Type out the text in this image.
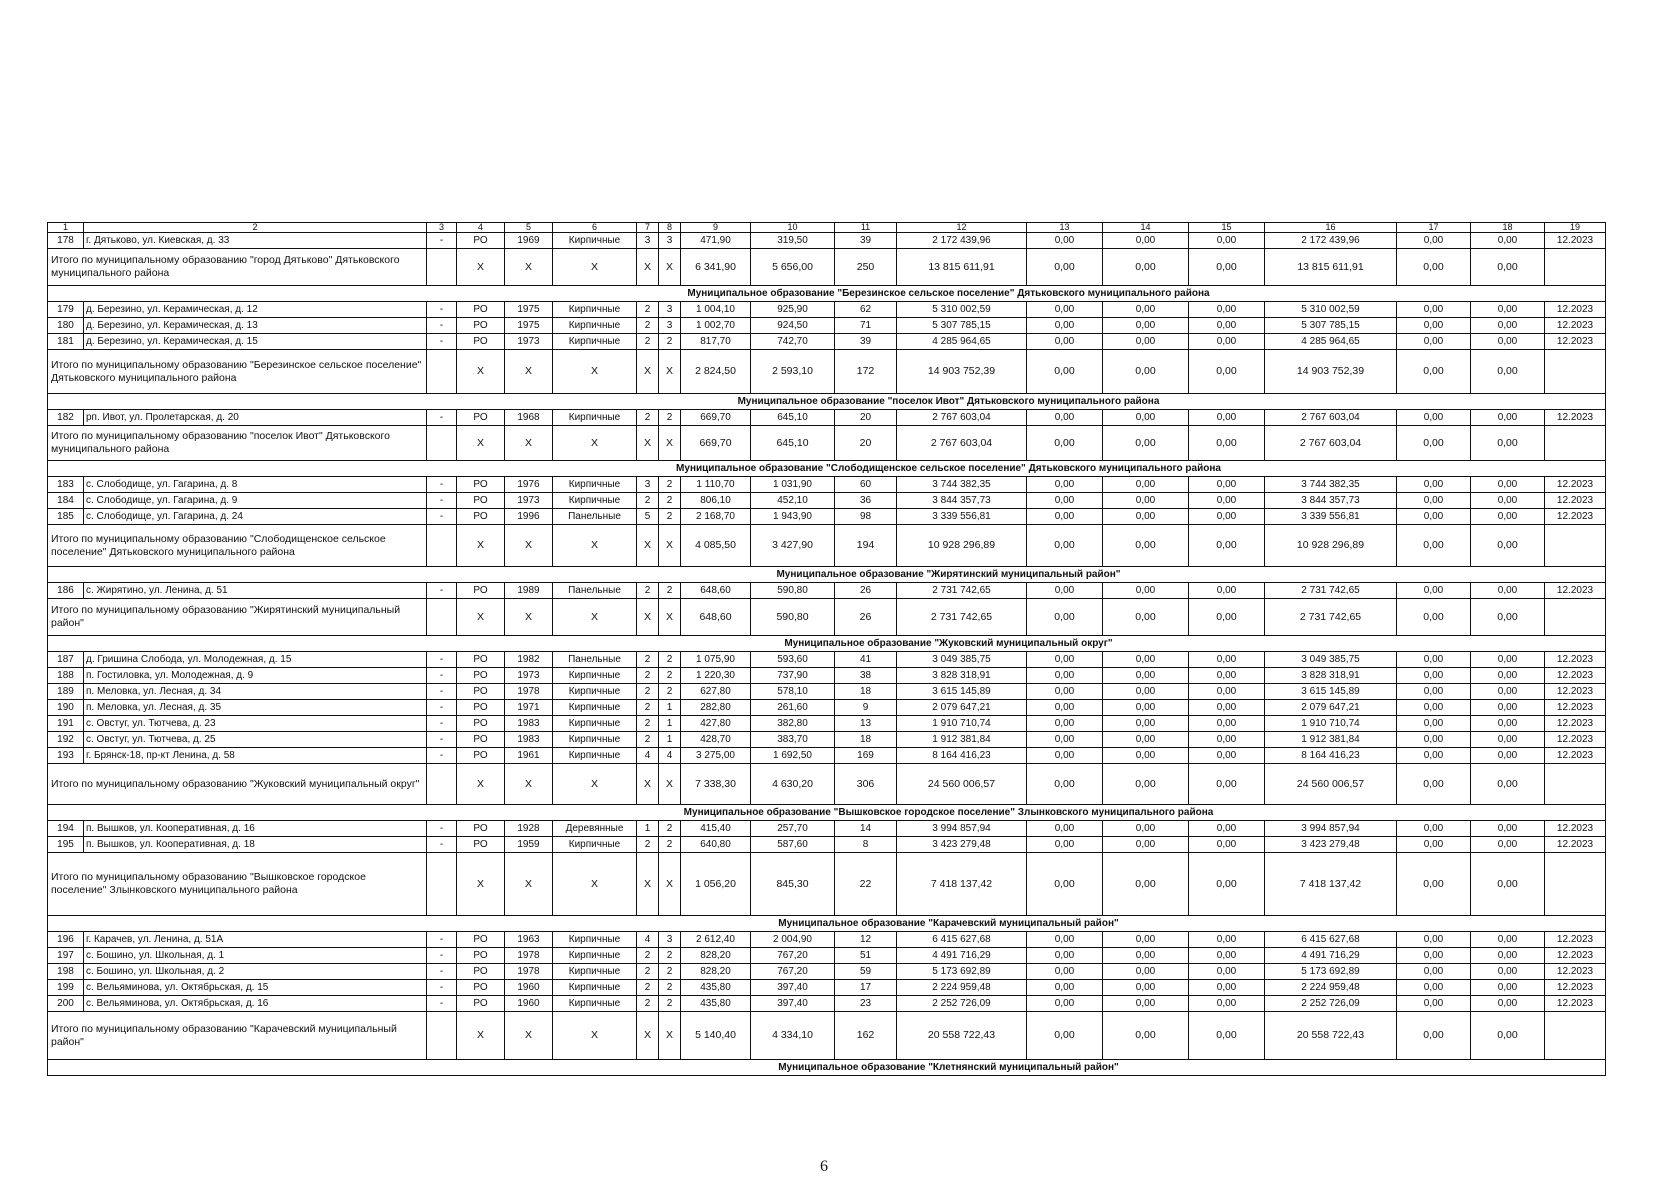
1	2	3	4	5	6	7	8	9	10	11	12	13	14	15	16	17	18	19
178	г. Дятьково, ул. Киевская, д. 33	-	РО	1969	Кирпичные	3	3	471,90	319,50	39	2 172 439,96	0,00	0,00	0,00	2 172 439,96	0,00	0,00	12.2023
Итого по муниципальному образованию "город Дятьково" Дятьковского муниципального района			X	X	X	X	X	6 341,90	5 656,00	250	13 815 611,91	0,00	0,00	0,00	13 815 611,91	0,00	0,00	
		Муниципальное образование "Березинское сельское поселение" Дятьковского муниципального района																
179	д. Березино, ул. Керамическая, д. 12	-	РО	1975	Кирпичные	2	3	1 004,10	925,90	62	5 310 002,59	0,00	0,00	0,00	5 310 002,59	0,00	0,00	12.2023
180	д. Березино, ул. Керамическая, д. 13	-	РО	1975	Кирпичные	2	3	1 002,70	924,50	71	5 307 785,15	0,00	0,00	0,00	5 307 785,15	0,00	0,00	12.2023
181	д. Березино, ул. Керамическая, д. 15	-	РО	1973	Кирпичные	2	2	817,70	742,70	39	4 285 964,65	0,00	0,00	0,00	4 285 964,65	0,00	0,00	12.2023
Итого по муниципальному образованию "Березинское сельское поселение" Дятьковского муниципального района			X	X	X	X	X	2 824,50	2 593,10	172	14 903 752,39	0,00	0,00	0,00	14 903 752,39	0,00	0,00	
		Муниципальное образование "поселок Ивот" Дятьковского муниципального района																
182	рп. Ивот, ул. Пролетарская, д. 20	-	РО	1968	Кирпичные	2	2	669,70	645,10	20	2 767 603,04	0,00	0,00	0,00	2 767 603,04	0,00	0,00	12.2023
Итого по муниципальному образованию "поселок Ивот" Дятьковского муниципального района			X	X	X	X	X	669,70	645,10	20	2 767 603,04	0,00	0,00	0,00	2 767 603,04	0,00	0,00	
		Муниципальное образование "Слободищенское сельское поселение" Дятьковского муниципального района																
183	с. Слободище, ул. Гагарина, д. 8	-	РО	1976	Кирпичные	3	2	1 110,70	1 031,90	60	3 744 382,35	0,00	0,00	0,00	3 744 382,35	0,00	0,00	12.2023
184	с. Слободище, ул. Гагарина, д. 9	-	РО	1973	Кирпичные	2	2	806,10	452,10	36	3 844 357,73	0,00	0,00	0,00	3 844 357,73	0,00	0,00	12.2023
185	с. Слободище, ул. Гагарина, д. 24	-	РО	1996	Панельные	5	2	2 168,70	1 943,90	98	3 339 556,81	0,00	0,00	0,00	3 339 556,81	0,00	0,00	12.2023
Итого по муниципальному образованию "Слободищенское сельское поселение" Дятьковского муниципального района			X	X	X	X	X	4 085,50	3 427,90	194	10 928 296,89	0,00	0,00	0,00	10 928 296,89	0,00	0,00	
		Муниципальное образование "Жирятинский муниципальный район"																
186	с. Жирятино, ул. Ленина, д. 51	-	РО	1989	Панельные	2	2	648,60	590,80	26	2 731 742,65	0,00	0,00	0,00	2 731 742,65	0,00	0,00	12.2023
Итого по муниципальному образованию "Жирятинский муниципальный район"			X	X	X	X	X	648,60	590,80	26	2 731 742,65	0,00	0,00	0,00	2 731 742,65	0,00	0,00	
		Муниципальное образование "Жуковский муниципальный округ"																
187	д. Гришина Слобода, ул. Молодежная, д. 15	-	РО	1982	Панельные	2	2	1 075,90	593,60	41	3 049 385,75	0,00	0,00	0,00	3 049 385,75	0,00	0,00	12.2023
188	п. Гостиловка, ул. Молодежная, д. 9	-	РО	1973	Кирпичные	2	2	1 220,30	737,90	38	3 828 318,91	0,00	0,00	0,00	3 828 318,91	0,00	0,00	12.2023
189	п. Меловка, ул. Лесная, д. 34	-	РО	1978	Кирпичные	2	2	627,80	578,10	18	3 615 145,89	0,00	0,00	0,00	3 615 145,89	0,00	0,00	12.2023
190	п. Меловка, ул. Лесная, д. 35	-	РО	1971	Кирпичные	2	1	282,80	261,60	9	2 079 647,21	0,00	0,00	0,00	2 079 647,21	0,00	0,00	12.2023
191	с. Овстуг, ул. Тютчева, д. 23	-	РО	1983	Кирпичные	2	1	427,80	382,80	13	1 910 710,74	0,00	0,00	0,00	1 910 710,74	0,00	0,00	12.2023
192	с. Овстуг, ул. Тютчева, д. 25	-	РО	1983	Кирпичные	2	1	428,70	383,70	18	1 912 381,84	0,00	0,00	0,00	1 912 381,84	0,00	0,00	12.2023
193	г. Брянск-18, пр-кт Ленина, д. 58	-	РО	1961	Кирпичные	4	4	3 275,00	1 692,50	169	8 164 416,23	0,00	0,00	0,00	8 164 416,23	0,00	0,00	12.2023
Итого по муниципальному образованию "Жуковский муниципальный округ"			X	X	X	X	X	7 338,30	4 630,20	306	24 560 006,57	0,00	0,00	0,00	24 560 006,57	0,00	0,00	
		Муниципальное образование "Вышковское городское поселение" Злынковского муниципального района																
194	п. Вышков, ул. Кооперативная, д. 16	-	РО	1928	Деревянные	1	2	415,40	257,70	14	3 994 857,94	0,00	0,00	0,00	3 994 857,94	0,00	0,00	12.2023
195	п. Вышков, ул. Кооперативная, д. 18	-	РО	1959	Кирпичные	2	2	640,80	587,60	8	3 423 279,48	0,00	0,00	0,00	3 423 279,48	0,00	0,00	12.2023
Итого по муниципальному образованию "Вышковское городское поселение" Злынковского муниципального района			X	X	X	X	X	1 056,20	845,30	22	7 418 137,42	0,00	0,00	0,00	7 418 137,42	0,00	0,00	
		Муниципальное образование "Карачевский муниципальный район"																
196	г. Карачев, ул. Ленина, д. 51А	-	РО	1963	Кирпичные	4	3	2 612,40	2 004,90	12	6 415 627,68	0,00	0,00	0,00	6 415 627,68	0,00	0,00	12.2023
197	с. Бошино, ул. Школьная, д. 1	-	РО	1978	Кирпичные	2	2	828,20	767,20	51	4 491 716,29	0,00	0,00	0,00	4 491 716,29	0,00	0,00	12.2023
198	с. Бошино, ул. Школьная, д. 2	-	РО	1978	Кирпичные	2	2	828,20	767,20	59	5 173 692,89	0,00	0,00	0,00	5 173 692,89	0,00	0,00	12.2023
199	с. Вельяминова, ул. Октябрьская, д. 15	-	РО	1960	Кирпичные	2	2	435,80	397,40	17	2 224 959,48	0,00	0,00	0,00	2 224 959,48	0,00	0,00	12.2023
200	с. Вельяминова, ул. Октябрьская, д. 16	-	РО	1960	Кирпичные	2	2	435,80	397,40	23	2 252 726,09	0,00	0,00	0,00	2 252 726,09	0,00	0,00	12.2023
Итого по муниципальному образованию "Карачевский муниципальный район"			X	X	X	X	X	5 140,40	4 334,10	162	20 558 722,43	0,00	0,00	0,00	20 558 722,43	0,00	0,00	
		Муниципальное образование "Клетнянский муниципальный район"																
6
